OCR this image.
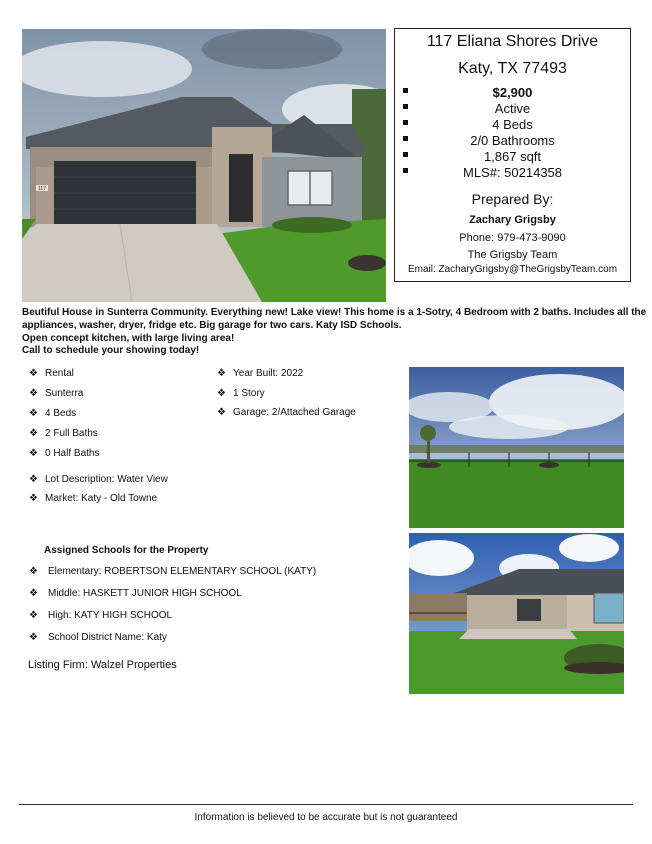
117
117 Eliana Shores Drive
Katy, TX 77493
$2,900
Active
4 Beds
2/0 Bathrooms
1,867 sqft
MLS#: 50214358
Prepared By:
Zachary Grigsby
Phone: 979-473-9090
The Grigsby Team
Email: ZacharyGrigsby@TheGrigsbyTeam.com
Beutiful House in Sunterra Community. Everything new! Lake view! This home is a 1-Sotry, 4 Bedroom with 2 baths. Includes all the
appliances, washer, dryer, fridge etc. Big garage for two cars. Katy ISD Schools.
Open concept kitchen, with large living area!
Call to schedule your showing today!
❖ Rental
❖ Sunterra
❖ 4 Beds
❖ 2 Full Baths
❖ 0 Half Baths
❖ Year Built: 2022
❖ 1 Story
❖ Garage: 2/Attached Garage
❖ Lot Description: Water View
❖ Market: Katy - Old Towne
Assigned Schools for the Property
❖ Elementary: ROBERTSON ELEMENTARY SCHOOL (KATY)
❖ Middle: HASKETT JUNIOR HIGH SCHOOL
❖ High: KATY HIGH SCHOOL
❖ School District Name: Katy
Listing Firm: Walzel Properties
Information is believed to be accurate but is not guaranteed
